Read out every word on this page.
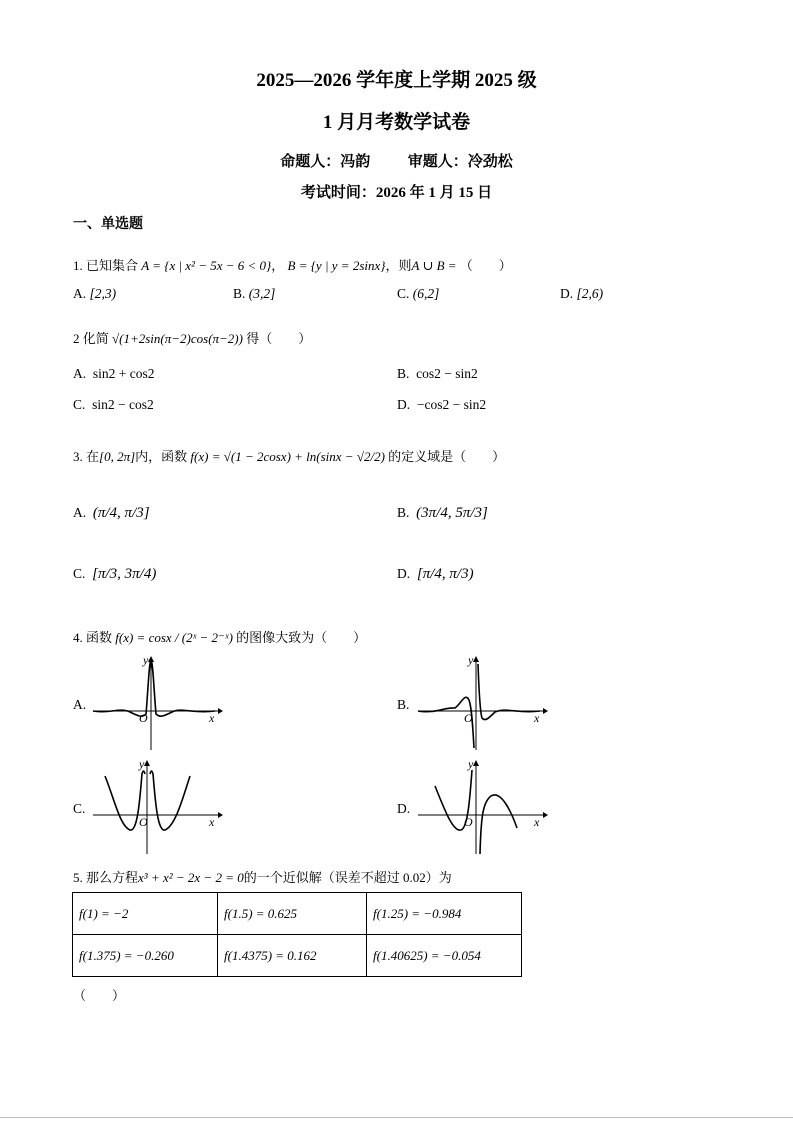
2025—2026 学年度上学期 2025 级
1 月月考数学试卷
命题人：冯韵          审题人：冷劲松
考试时间：2026 年 1 月 15 日
一、单选题
1. 已知集合 A = {x | x² − 5x − 6 < 0}， B = {y | y = 2sinx}，则A ∪ B = （        ）
A. [2,3)	B. (3,2]	C. (6,2]	D. [2,6)
2 化简 √(1+2sin(π−2)cos(π−2)) 得（        ）
A. sin2 + cos2	B. cos2 − sin2
C. sin2 − cos2	D. −cos2 − sin2
3. 在[0, 2π]内，函数 f(x) = √(1 − 2cosx) + ln(sinx − √2/2) 的定义域是（        ）
A. (π/4, π/3]	B. (3π/4, 5π/3]
C. [π/3, 3π/4)	D. [π/4, π/3)
4. 函数 f(x) = cosx / (2ˣ − 2⁻ˣ) 的图像大致为（        ）
A.	B.
C.	D.
x
y
O	x
y
O
x
y
O	x
y
O
5. 那么方程x³ + x² − 2x − 2 = 0的一个近似解（误差不超过 0.02）为
f(1) = −2	f(1.5) = 0.625	f(1.25) = −0.984
f(1.375) = −0.260	f(1.4375) = 0.162	f(1.40625) = −0.054
（        ）
